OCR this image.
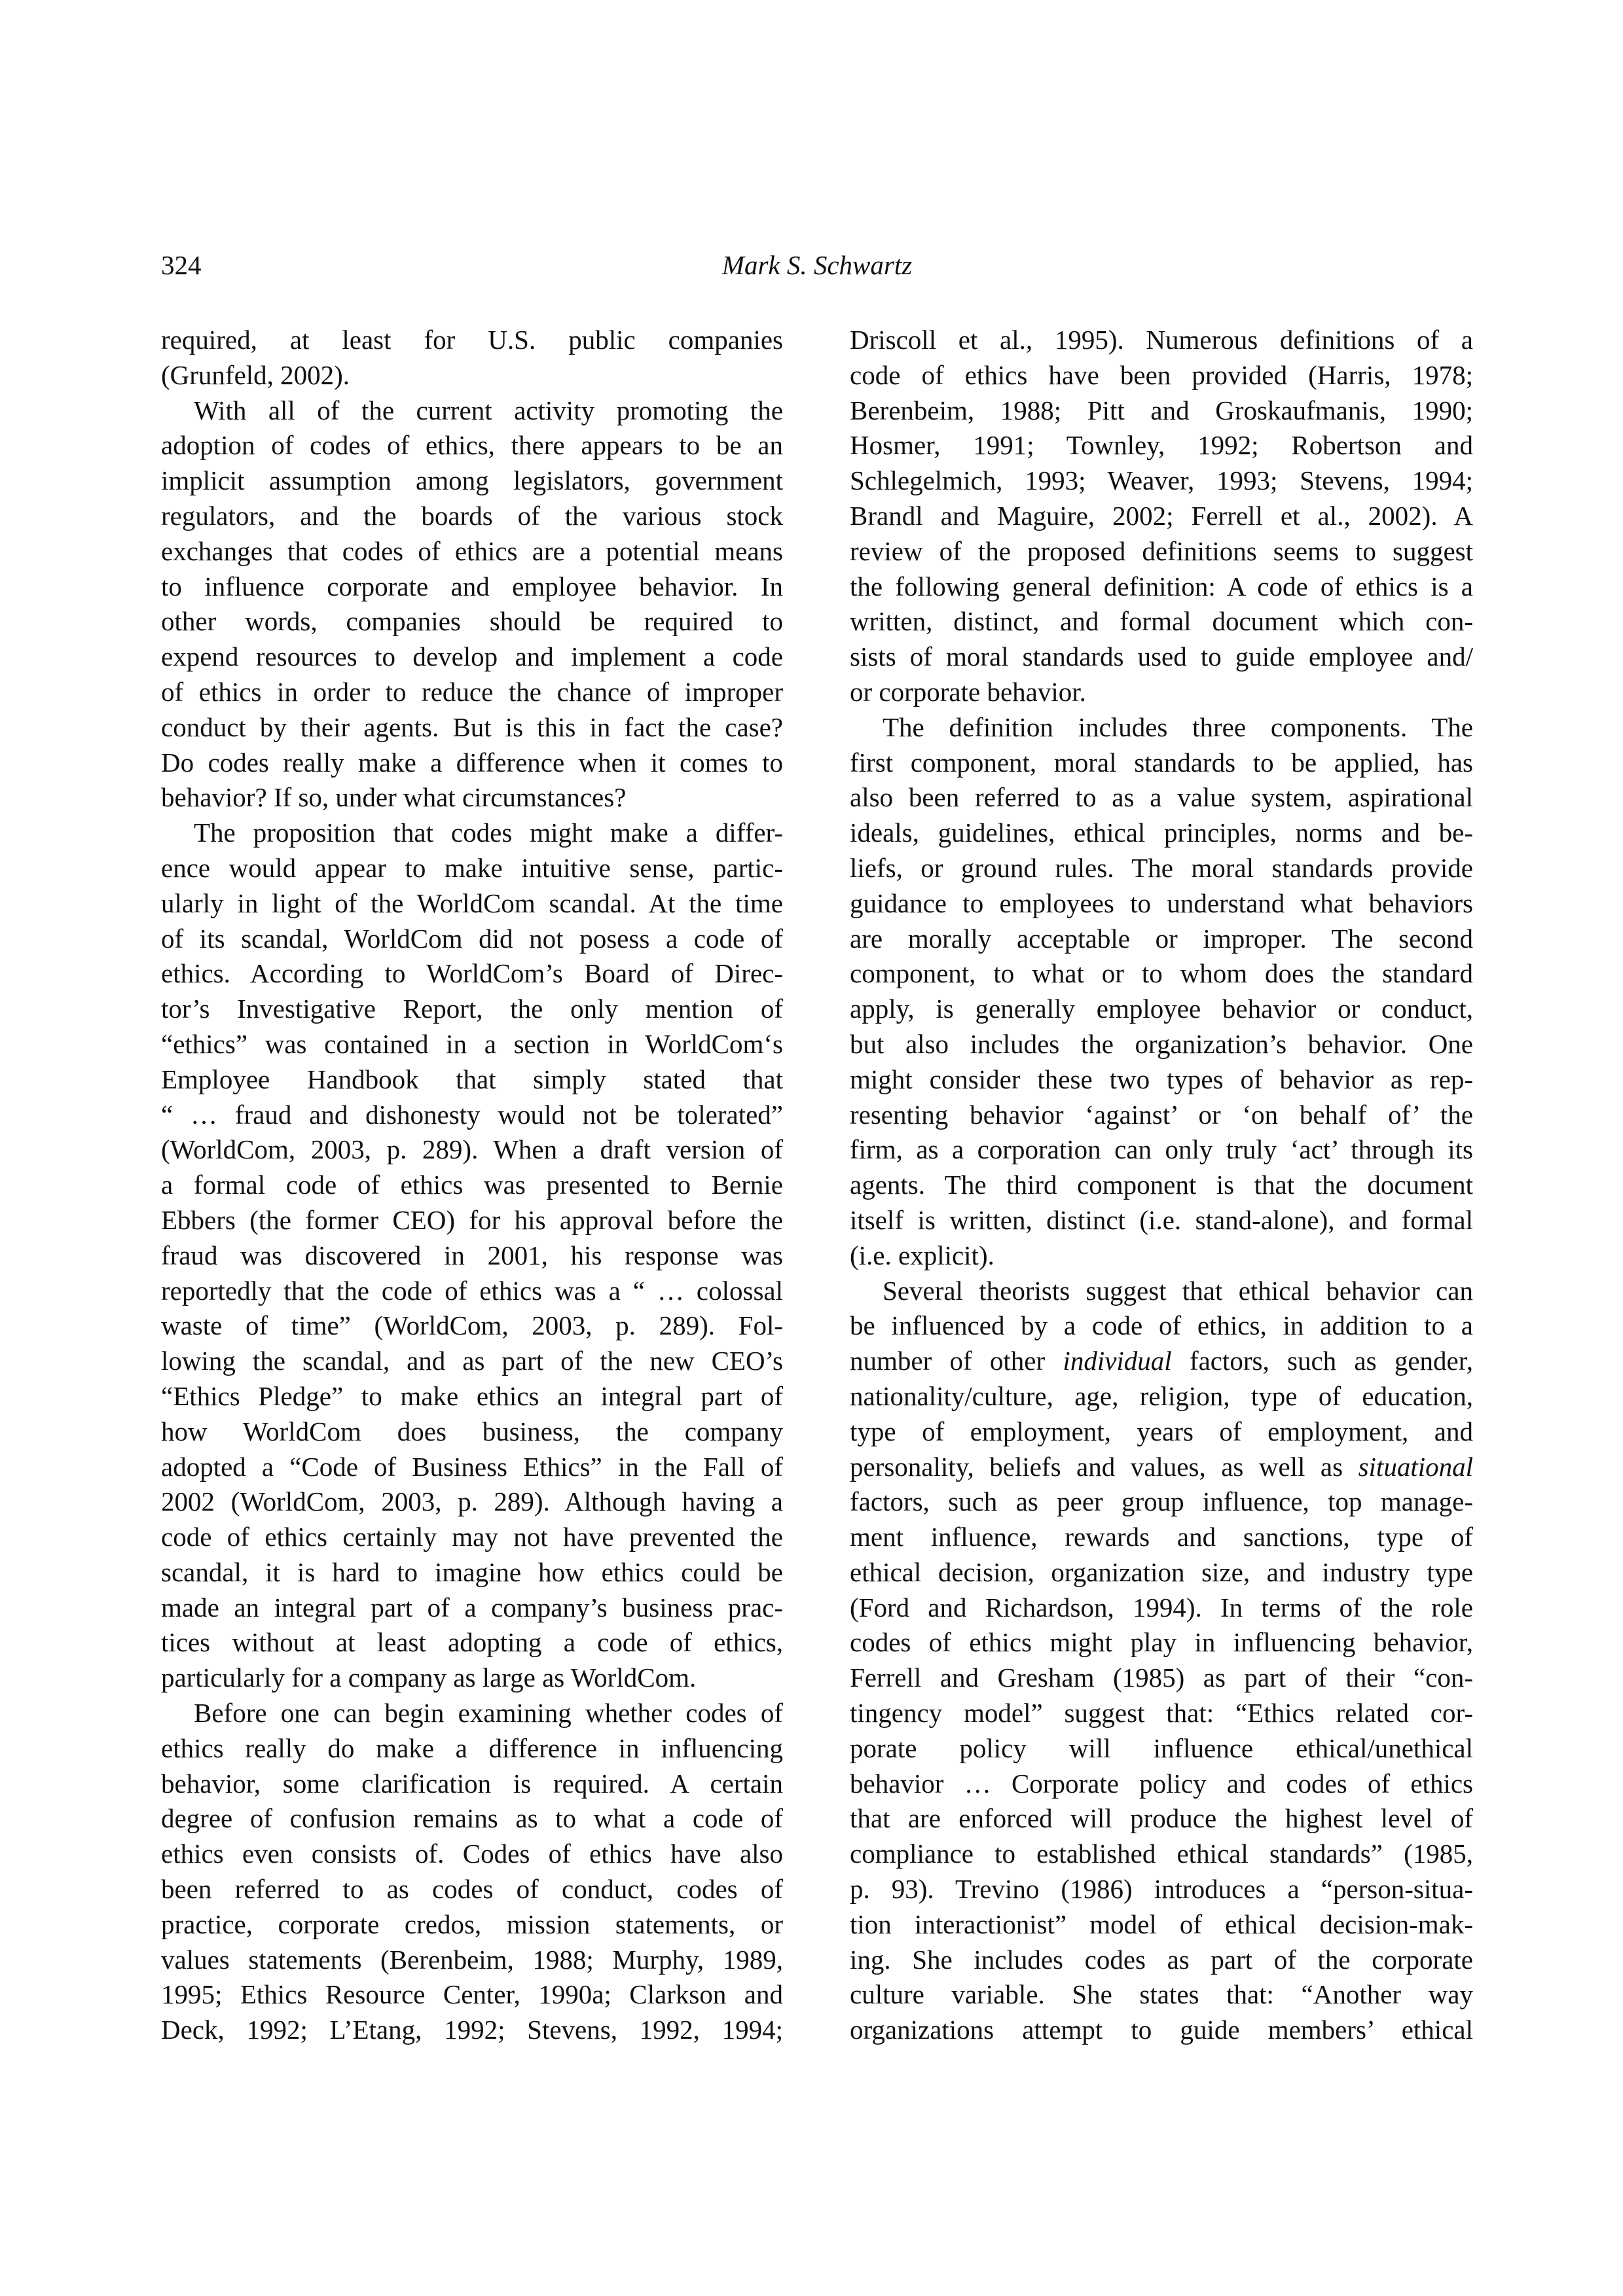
324	Mark S. Schwartz
required, at least for U.S. public companies
(Grunfeld, 2002).
With all of the current activity promoting the
adoption of codes of ethics, there appears to be an
implicit assumption among legislators, government
regulators, and the boards of the various stock
exchanges that codes of ethics are a potential means
to influence corporate and employee behavior. In
other words, companies should be required to
expend resources to develop and implement a code
of ethics in order to reduce the chance of improper
conduct by their agents. But is this in fact the case?
Do codes really make a difference when it comes to
behavior? If so, under what circumstances?
The proposition that codes might make a differ-
ence would appear to make intuitive sense, partic-
ularly in light of the WorldCom scandal. At the time
of its scandal, WorldCom did not posess a code of
ethics. According to WorldCom’s Board of Direc-
tor’s Investigative Report, the only mention of
“ethics” was contained in a section in WorldCom‘s
Employee Handbook that simply stated that
“ … fraud and dishonesty would not be tolerated”
(WorldCom, 2003, p. 289). When a draft version of
a formal code of ethics was presented to Bernie
Ebbers (the former CEO) for his approval before the
fraud was discovered in 2001, his response was
reportedly that the code of ethics was a “ … colossal
waste of time” (WorldCom, 2003, p. 289). Fol-
lowing the scandal, and as part of the new CEO’s
“Ethics Pledge” to make ethics an integral part of
how WorldCom does business, the company
adopted a “Code of Business Ethics” in the Fall of
2002 (WorldCom, 2003, p. 289). Although having a
code of ethics certainly may not have prevented the
scandal, it is hard to imagine how ethics could be
made an integral part of a company’s business prac-
tices without at least adopting a code of ethics,
particularly for a company as large as WorldCom.
Before one can begin examining whether codes of
ethics really do make a difference in influencing
behavior, some clarification is required. A certain
degree of confusion remains as to what a code of
ethics even consists of. Codes of ethics have also
been referred to as codes of conduct, codes of
practice, corporate credos, mission statements, or
values statements (Berenbeim, 1988; Murphy, 1989,
1995; Ethics Resource Center, 1990a; Clarkson and
Deck, 1992; L’Etang, 1992; Stevens, 1992, 1994;
Driscoll et al., 1995). Numerous definitions of a
code of ethics have been provided (Harris, 1978;
Berenbeim, 1988; Pitt and Groskaufmanis, 1990;
Hosmer, 1991; Townley, 1992; Robertson and
Schlegelmich, 1993; Weaver, 1993; Stevens, 1994;
Brandl and Maguire, 2002; Ferrell et al., 2002). A
review of the proposed definitions seems to suggest
the following general definition: A code of ethics is a
written, distinct, and formal document which con-
sists of moral standards used to guide employee and/
or corporate behavior.
The definition includes three components. The
first component, moral standards to be applied, has
also been referred to as a value system, aspirational
ideals, guidelines, ethical principles, norms and be-
liefs, or ground rules. The moral standards provide
guidance to employees to understand what behaviors
are morally acceptable or improper. The second
component, to what or to whom does the standard
apply, is generally employee behavior or conduct,
but also includes the organization’s behavior. One
might consider these two types of behavior as rep-
resenting behavior ‘against’ or ‘on behalf of’ the
firm, as a corporation can only truly ‘act’ through its
agents. The third component is that the document
itself is written, distinct (i.e. stand-alone), and formal
(i.e. explicit).
Several theorists suggest that ethical behavior can
be influenced by a code of ethics, in addition to a
number of other individual factors, such as gender,
nationality/culture, age, religion, type of education,
type of employment, years of employment, and
personality, beliefs and values, as well as situational
factors, such as peer group influence, top manage-
ment influence, rewards and sanctions, type of
ethical decision, organization size, and industry type
(Ford and Richardson, 1994). In terms of the role
codes of ethics might play in influencing behavior,
Ferrell and Gresham (1985) as part of their “con-
tingency model” suggest that: “Ethics related cor-
porate policy will influence ethical/unethical
behavior … Corporate policy and codes of ethics
that are enforced will produce the highest level of
compliance to established ethical standards” (1985,
p. 93). Trevino (1986) introduces a “person-situa-
tion interactionist” model of ethical decision-mak-
ing. She includes codes as part of the corporate
culture variable. She states that: “Another way
organizations attempt to guide members’ ethical
